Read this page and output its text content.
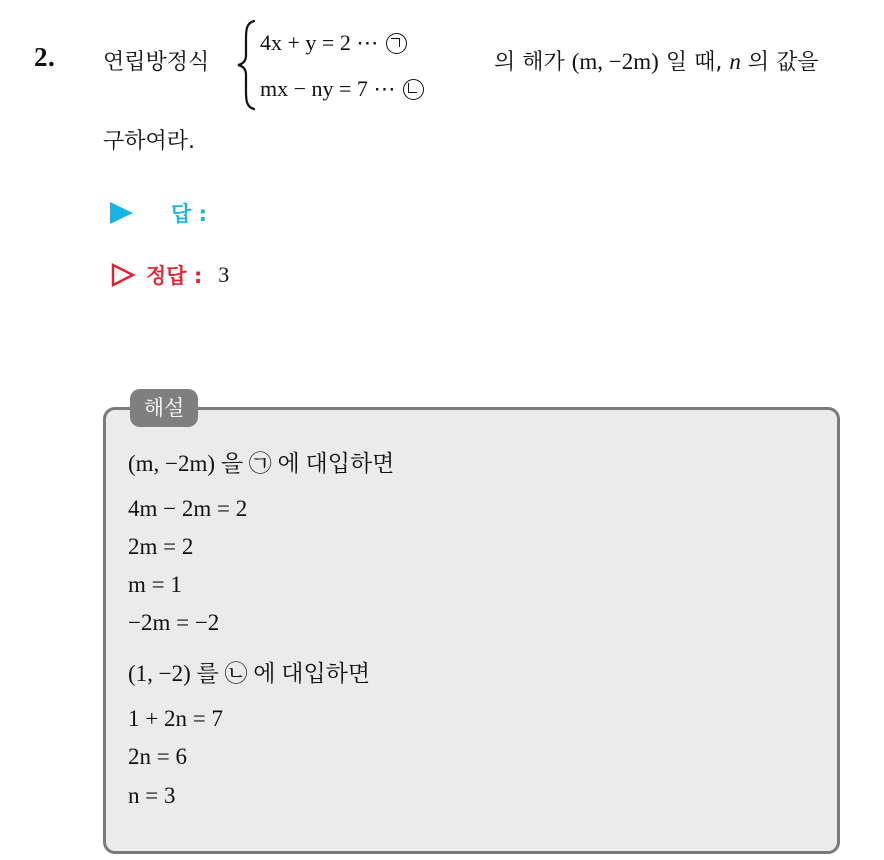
2. 연립방정식
4x + y = 2 ⋯
mx − ny = 7 ⋯
의 해가 (m, −2m) 일 때, n 의 값을
구하여라.
답 :
정답 : 3
해설
(m, −2m) 을 ㉠ 에 대입하면
4m − 2m = 2
2m = 2
m = 1
−2m = −2
(1, −2) 를 ㉡ 에 대입하면
1 + 2n = 7
2n = 6
n = 3
